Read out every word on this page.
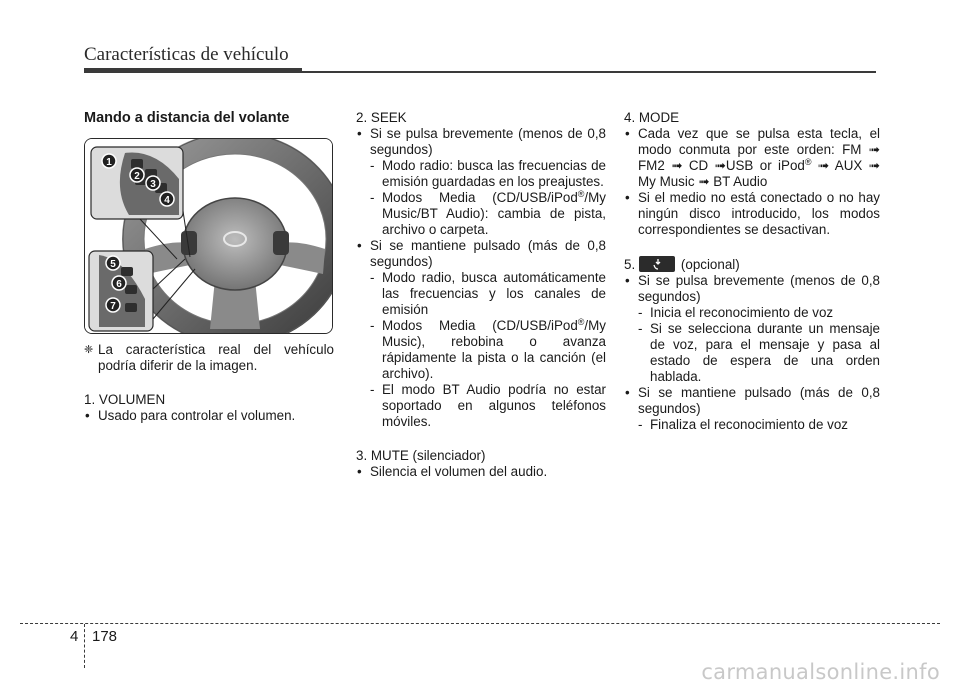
Características de vehículo
Mando a distancia del volante
1
2
3
4
5
6
7
❈ La característica real del vehículo podría diferir de la imagen.

1. VOLUMEN

• Usado para controlar el volumen.

2. SEEK

• Si se pulsa brevemente (menos de 0,8 segundos)
- Modo radio: busca las frecuencias de emisión guardadas en los preajustes.
- Modos Media (CD/USB/iPod®/My Music/BT Audio): cambia de pista, archivo o carpeta.
• Si se mantiene pulsado (más de 0,8 segundos)
- Modo radio, busca automáticamente las frecuencias y los canales de emisión
- Modos Media (CD/USB/iPod®/My Music), rebobina o avanza rápidamente la pista o la canción (el archivo).
- El modo BT Audio podría no estar soportado en algunos teléfonos móviles.

3. MUTE (silenciador)

• Silencia el volumen del audio.

4. MODE

• Cada vez que se pulsa esta tecla, el modo conmuta por este orden: FM ➟ FM2 ➟ CD ➟USB or iPod® ➟ AUX ➟ My Music ➟ BT Audio
• Si el medio no está conectado o no hay ningún disco introducido, los modos correspondientes se desactivan.

5.	(opcional)

• Si se pulsa brevemente (menos de 0,8 segundos)
- Inicia el reconocimiento de voz
- Si se selecciona durante un mensaje de voz, para el mensaje y pasa al estado de espera de una orden hablada.
• Si se mantiene pulsado (más de 0,8 segundos)
- Finaliza el reconocimiento de voz
4 178
carmanualsonline.info
